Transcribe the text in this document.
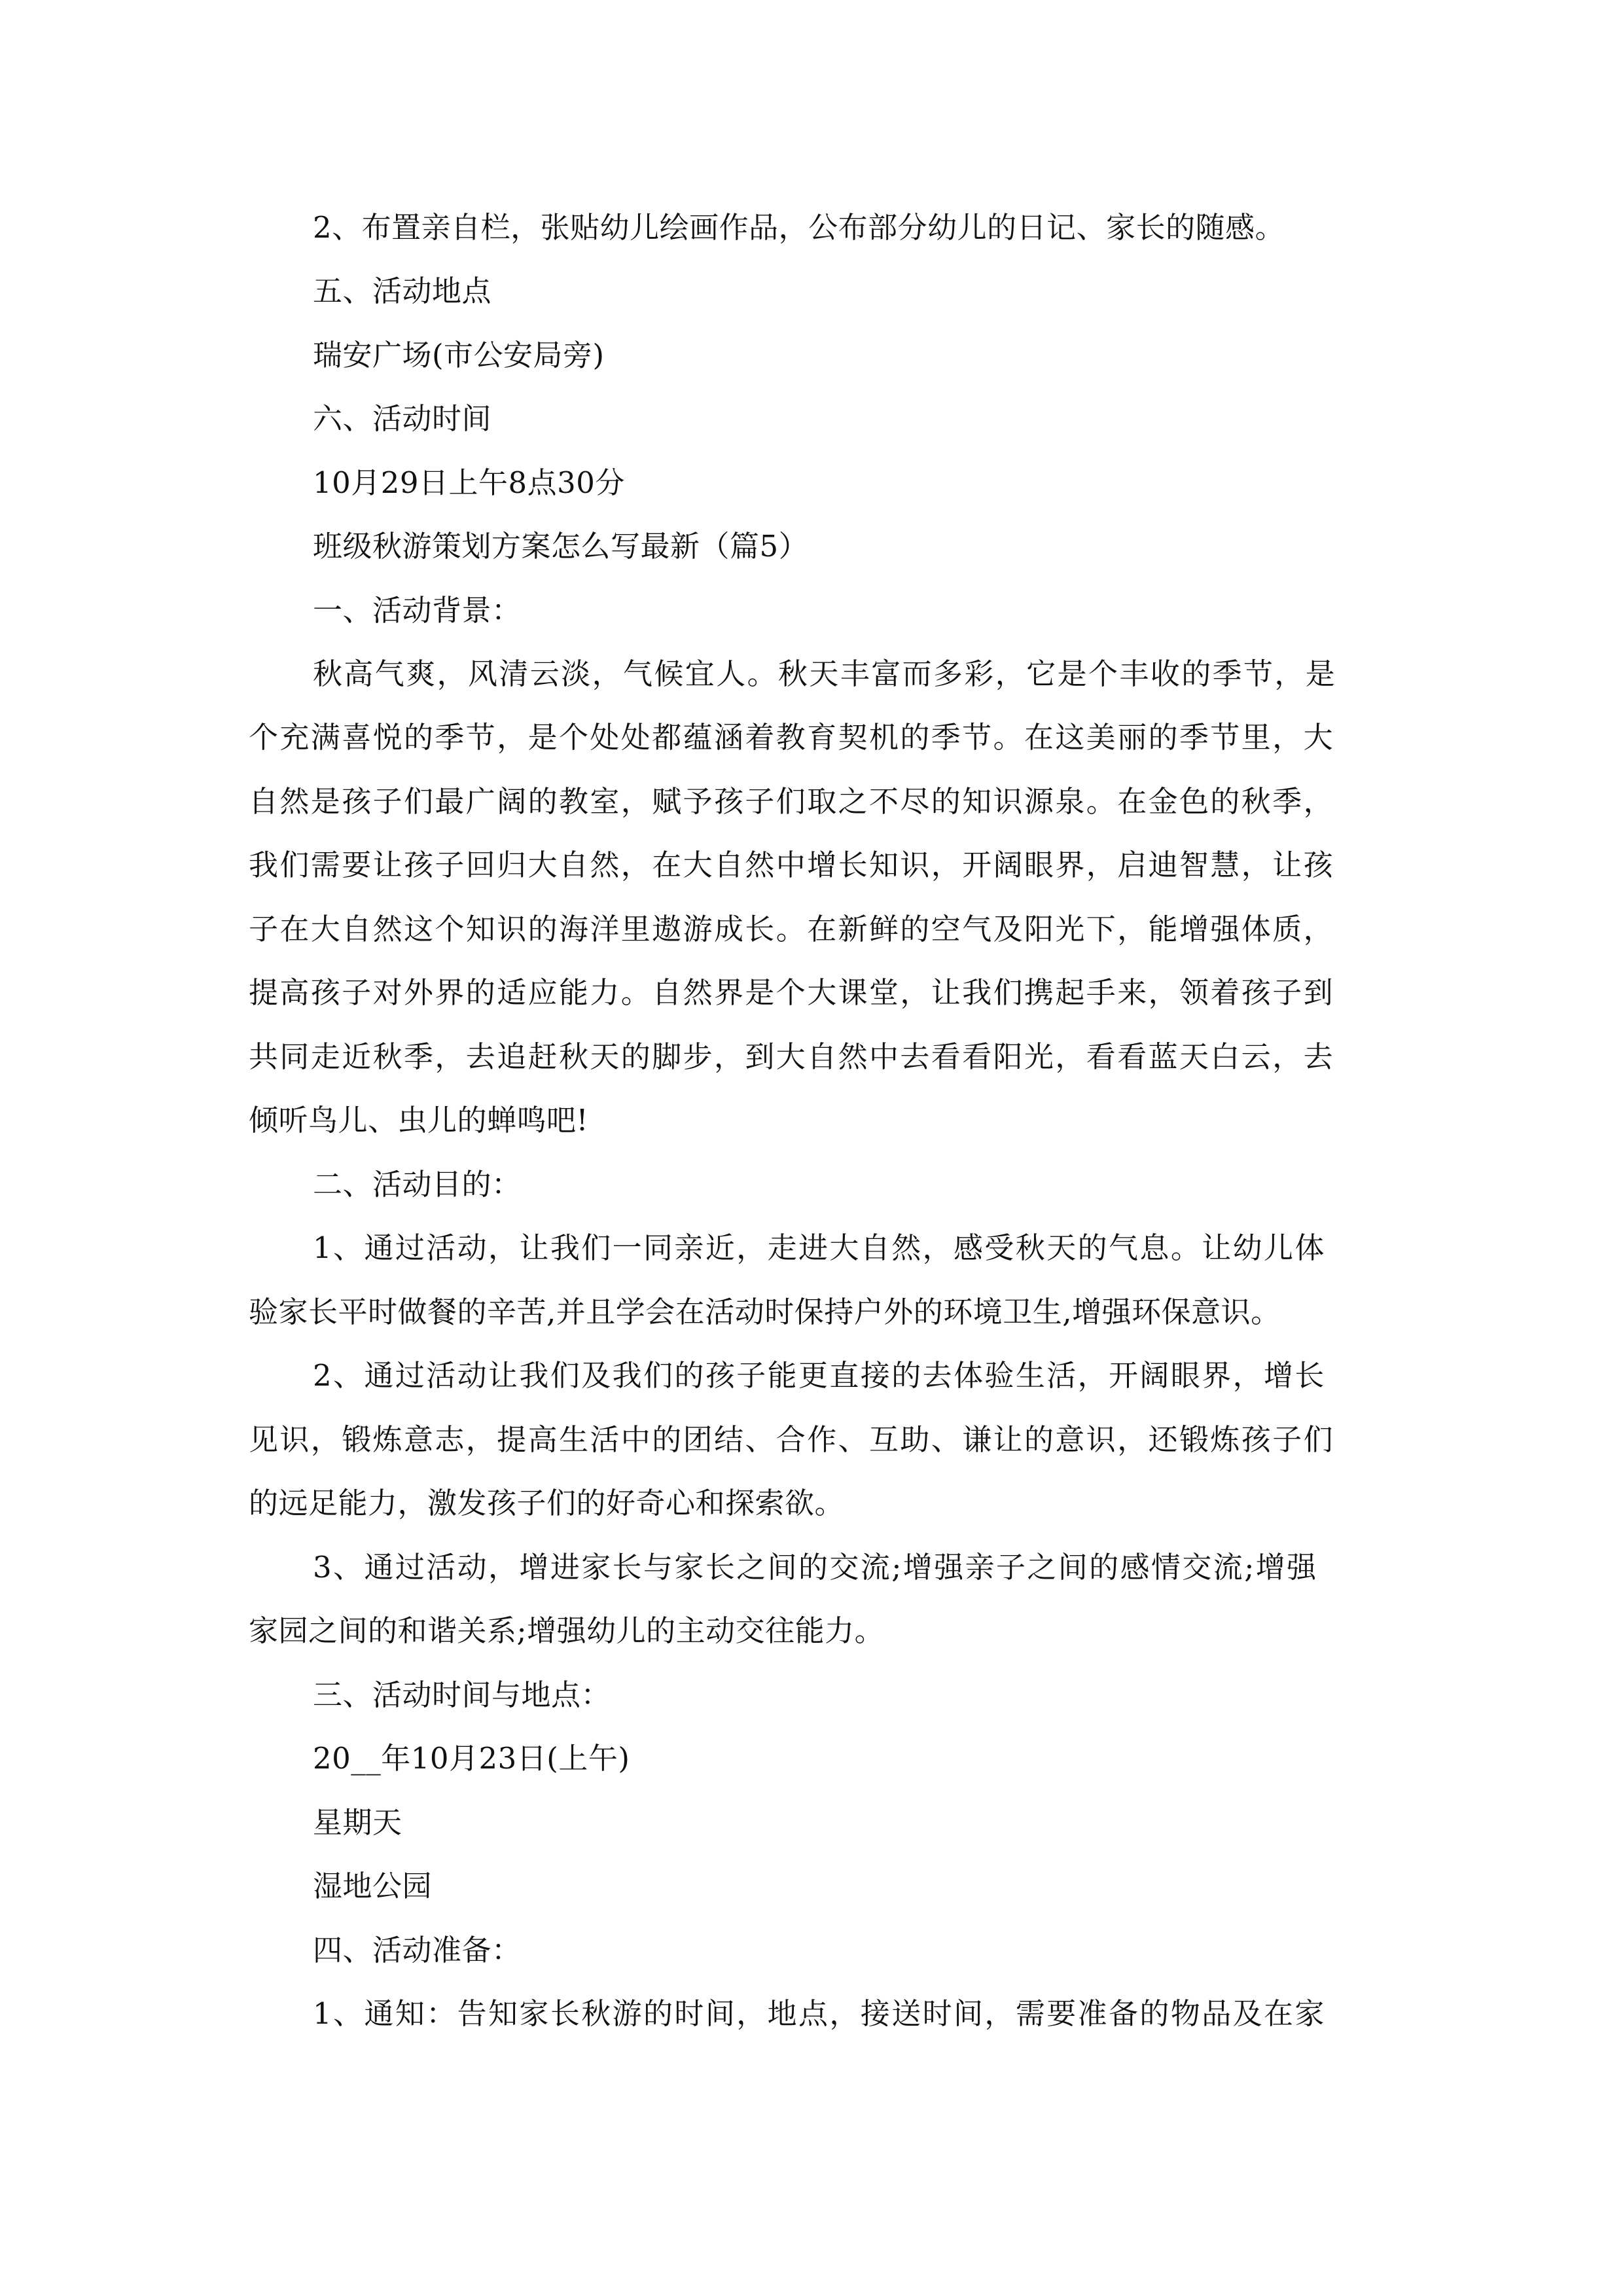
2、布置亲自栏，张贴幼儿绘画作品，公布部分幼儿的日记、家长的随感。
五、活动地点
瑞安广场(市公安局旁)
六、活动时间
10月29日上午8点30分
班级秋游策划方案怎么写最新（篇5）
一、活动背景：
秋高气爽，风清云淡，气候宜人。秋天丰富而多彩，它是个丰收的季节，是
个充满喜悦的季节，是个处处都蕴涵着教育契机的季节。在这美丽的季节里，大
自然是孩子们最广阔的教室，赋予孩子们取之不尽的知识源泉。在金色的秋季，
我们需要让孩子回归大自然，在大自然中增长知识，开阔眼界，启迪智慧，让孩
子在大自然这个知识的海洋里遨游成长。在新鲜的空气及阳光下，能增强体质，
提高孩子对外界的适应能力。自然界是个大课堂，让我们携起手来，领着孩子到
共同走近秋季，去追赶秋天的脚步，到大自然中去看看阳光，看看蓝天白云，去
倾听鸟儿、虫儿的蝉鸣吧!
二、活动目的：
1、通过活动，让我们一同亲近，走进大自然，感受秋天的气息。让幼儿体
验家长平时做餐的辛苦,并且学会在活动时保持户外的环境卫生,增强环保意识。
2、通过活动让我们及我们的孩子能更直接的去体验生活，开阔眼界，增长
见识，锻炼意志，提高生活中的团结、合作、互助、谦让的意识，还锻炼孩子们
的远足能力，激发孩子们的好奇心和探索欲。
3、通过活动，增进家长与家长之间的交流;增强亲子之间的感情交流;增强
家园之间的和谐关系;增强幼儿的主动交往能力。
三、活动时间与地点：
20__年10月23日(上午)
星期天
湿地公园
四、活动准备：
1、通知：告知家长秋游的时间，地点，接送时间，需要准备的物品及在家
